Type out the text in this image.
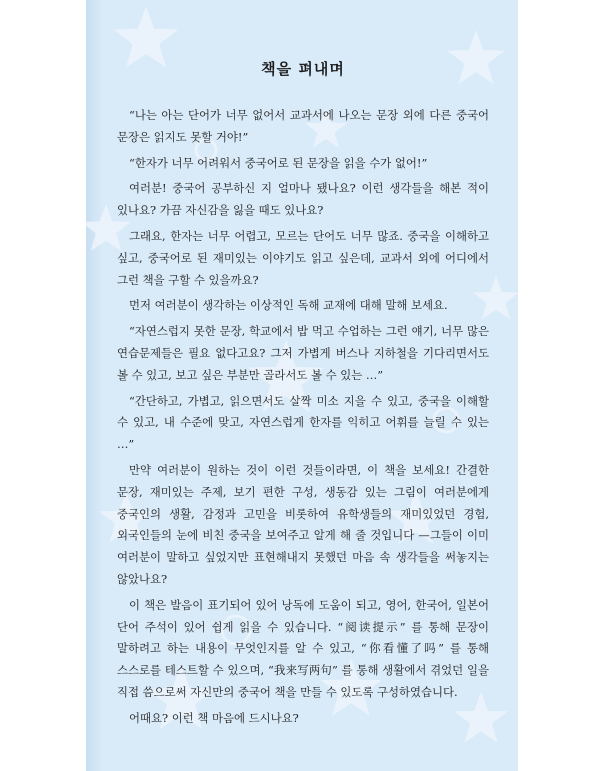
책을 펴내며

“나는 아는 단어가 너무 없어서 교과서에 나오는 문장 외에 다른 중국어 문장은 읽지도 못할 거야!”

“한자가 너무 어려워서 중국어로 된 문장을 읽을 수가 없어!”

여러분! 중국어 공부하신 지 얼마나 됐나요? 이런 생각들을 해본 적이 있나요? 가끔 자신감을 잃을 때도 있나요?

그래요, 한자는 너무 어렵고, 모르는 단어도 너무 많죠. 중국을 이해하고 싶고, 중국어로 된 재미있는 이야기도 읽고 싶은데, 교과서 외에 어디에서 그런 책을 구할 수 있을까요?

먼저 여러분이 생각하는 이상적인 독해 교재에 대해 말해 보세요.

“자연스럽지 못한 문장, 학교에서 밥 먹고 수업하는 그런 얘기, 너무 많은 연습문제들은 필요 없다고요? 그저 가볍게 버스나 지하철을 기다리면서도 볼 수 있고, 보고 싶은 부분만 골라서도 볼 수 있는 …”

“간단하고, 가볍고, 읽으면서도 살짝 미소 지을 수 있고, 중국을 이해할 수 있고, 내 수준에 맞고, 자연스럽게 한자를 익히고 어휘를 늘릴 수 있는 …”

만약 여러분이 원하는 것이 이런 것들이라면, 이 책을 보세요! 간결한 문장, 재미있는 주제, 보기 편한 구성, 생동감 있는 그림이 여러분에게 중국인의 생활, 감정과 고민을 비롯하여 유학생들의 재미있었던 경험, 외국인들의 눈에 비친 중국을 보여주고 알게 해 줄 것입니다 —그들이 이미 여러분이 말하고 싶었지만 표현해내지 못했던 마음 속 생각들을 써놓지는 않았나요?

이 책은 발음이 표기되어 있어 낭독에 도움이 되고, 영어, 한국어, 일본어 단어 주석이 있어 쉽게 읽을 수 있습니다. “阅读提示” 를 통해 문장이 말하려고 하는 내용이 무엇인지를 알 수 있고, “你看懂了吗” 를 통해 스스로를 테스트할 수 있으며, “我来写两句” 를 통해 생활에서 겪었던 일을 직접 씀으로써 자신만의 중국어 책을 만들 수 있도록 구성하였습니다.

어때요? 이런 책 마음에 드시나요?
